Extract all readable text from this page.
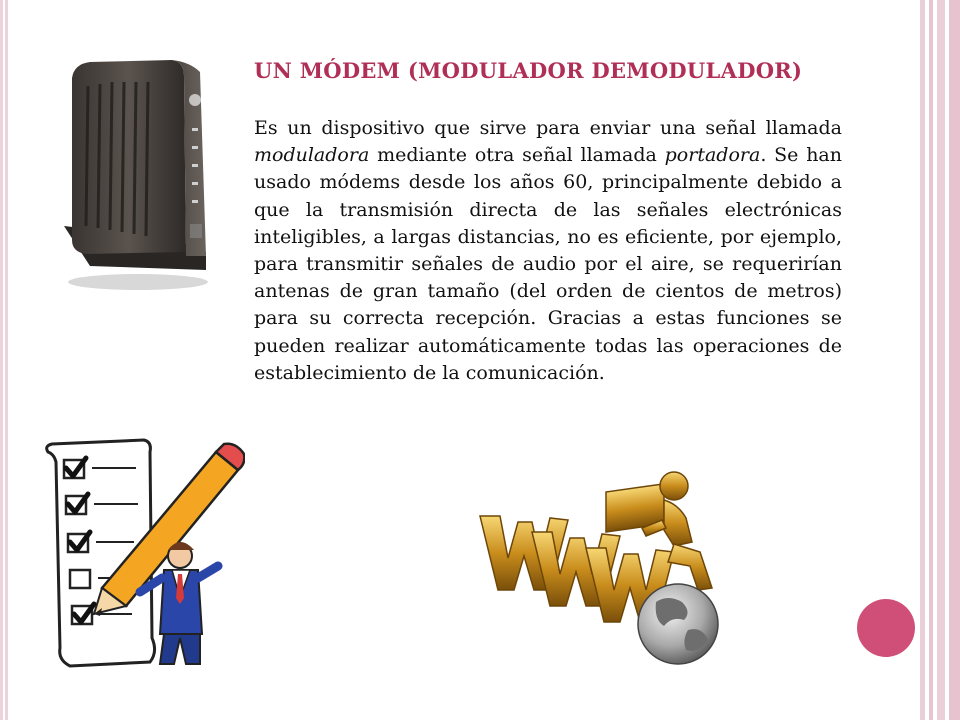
UN MÓDEM (MODULADOR DEMODULADOR)

Es un dispositivo que sirve para enviar una señal llamada moduladora mediante otra señal llamada portadora. Se han usado módems desde los años 60, principalmente debido a que la transmisión directa de las señales electrónicas inteligibles, a largas distancias, no es eficiente, por ejemplo, para transmitir señales de audio por el aire, se requerirían antenas de gran tamaño (del orden de cientos de metros) para su correcta recepción. Gracias a estas funciones se pueden realizar automáticamente todas las operaciones de establecimiento de la comunicación.
